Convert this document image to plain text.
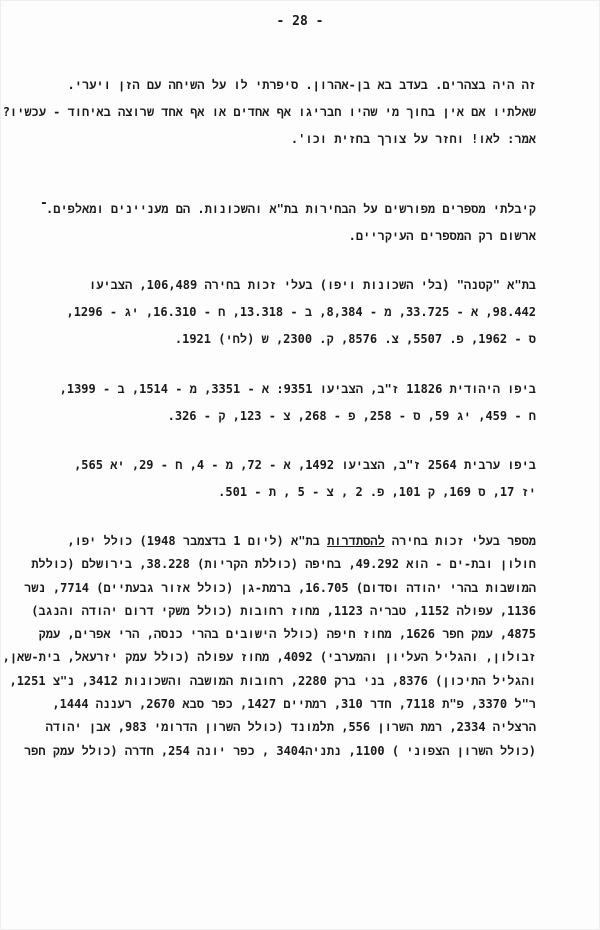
- 28 -
זה היה בצהרים. בעדב בא בן-אהרון. סיפרתי לו על השיחה עם הזן ויערי.
שאלתיו אם אין בחוך מי שהיו חבריגו אף אחדים או אף אחד שרוצה באיחוד - עכשיו?
אמר: לאו! וחזר על צורך בחזית וכו'.
-
קיבלתי מספרים מפורשים על הבחירות בת"א והשכונות. הם מעניינים ומאלפים.
ארשום רק המספרים העיקריים.
בת"א "קטנה" (בלי השכונות ויפו) בעלי זכות בחירה 106,489, הצביעו
98.442, א - 33.725, מ - 8,384, ב - 13.318, ח - 16.310, יג - 1296,
ס - 1962, פ. 5507, צ. 8576, ק. 2300, ש (לחי) 1921.
ביפו היהודית 11826 ז"ב, הצביעו 9351: א - 3351, מ - 1514, ב - 1399,
ח - 459, יג 59, ס - 258, פ - 268, צ - 123, ק - 326.
ביפו ערבית 2564 ז"ב, הצביעו 1492, א - 72, מ - 4, ח - 29, יא 565,
יז 17, ס 169, ק 101, פ. 2 , צ - 5 , ת - 501.
מספר בעלי זכות בחירה להסתדרות בת"א (ליום 1 בדצמבר 1948) כולל יפו,
חולון ובת-ים - הוא 49.292, בחיפה (כוללת הקריות) 38.228, בירושלם (כוללת
המושבות בהרי יהודה וסדום) 16.705, ברמת-גן (כולל אזור גבעתיים) 7714, נשר
1136, עפולה 1152, טבריה 1123, מחוז רחובות (כולל משקי דרום יהודה והנגב)
4875, עמק חפר 1626, מחוז חיפה (כולל הישובים בהרי כנסה, הרי אפרים, עמק
זבולון, והגליל העליון והמערבי) 4092, מחוז עפולה (כולל עמק יזרעאל, בית-שאן,
והגליל התיכון) 8376, בני ברק 2280, רחובות המושבה והשכונות 3412, נ"צ 1251,
ר"ל 3370, פ"ת 7118, חדר 310, רמתיים 1427, כפר סבא 2670, רעננה 1444,
הרצליה 2334, רמת השרון 556, תלמונד (כולל השרון הדרומי 983, אבן יהודה
(כולל השרון הצפוני ) 1100, נתניה3404 , כפר יונה 254, חדרה (כולל עמק חפר
